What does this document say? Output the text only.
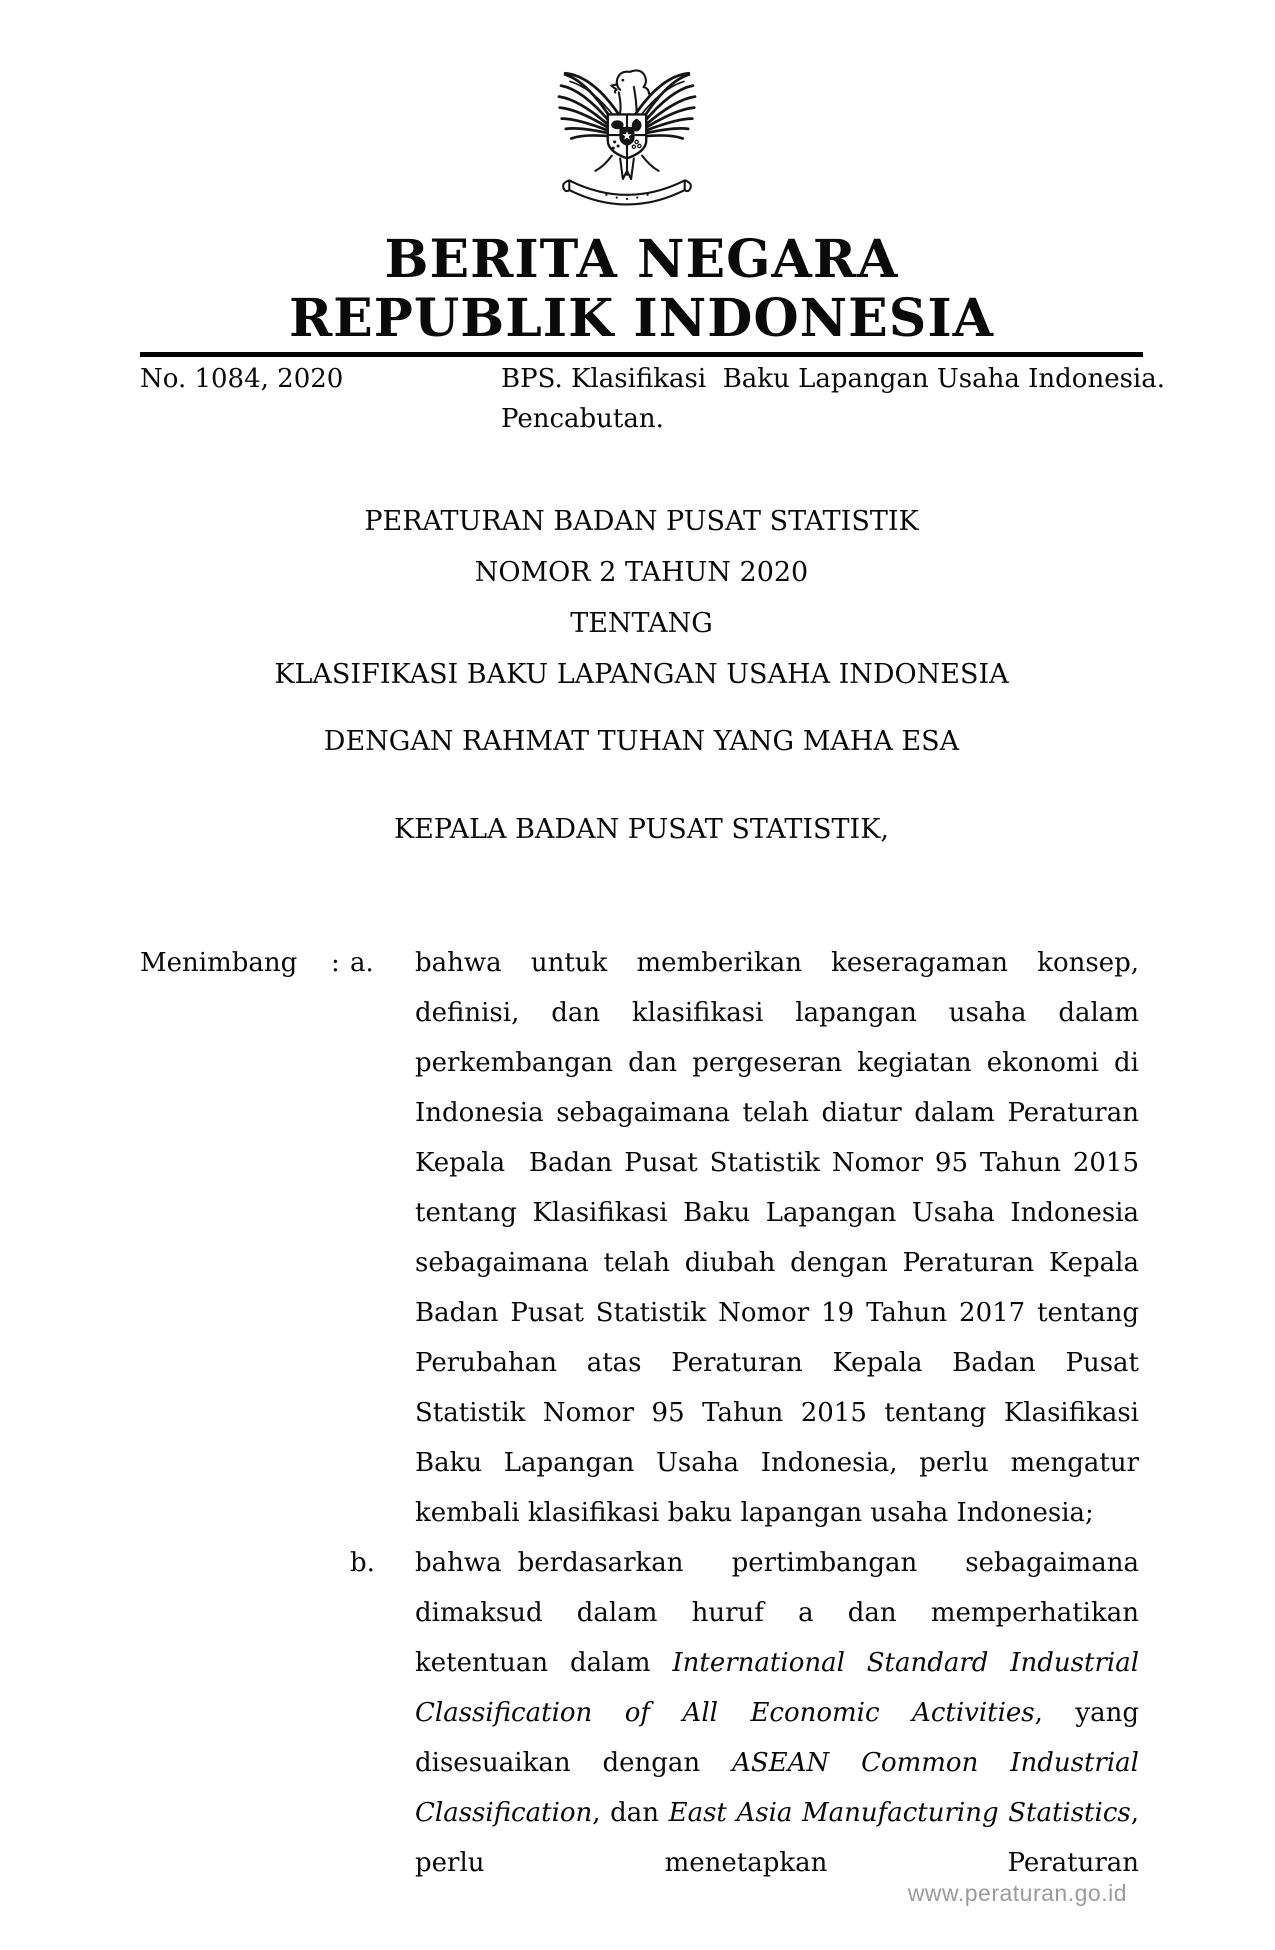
BERITA NEGARA
REPUBLIK INDONESIA
No. 1084, 2020	BPS. Klasifikasi  Baku Lapangan Usaha Indonesia.
Pencabutan.
PERATURAN BADAN PUSAT STATISTIK
NOMOR 2 TAHUN 2020
TENTANG
KLASIFIKASI BAKU LAPANGAN USAHA INDONESIA
DENGAN RAHMAT TUHAN YANG MAHA ESA
KEPALA BADAN PUSAT STATISTIK,
Menimbang	: a.	bahwa untuk memberikan keseragaman konsep, definisi, dan klasifikasi lapangan usaha dalam perkembangan dan pergeseran kegiatan ekonomi di Indonesia sebagaimana telah diatur dalam Peraturan Kepala  Badan Pusat Statistik Nomor 95 Tahun 2015 tentang Klasifikasi Baku Lapangan Usaha Indonesia sebagaimana telah diubah dengan Peraturan Kepala Badan Pusat Statistik Nomor 19 Tahun 2017 tentang Perubahan atas Peraturan Kepala Badan Pusat Statistik Nomor 95 Tahun 2015 tentang Klasifikasi Baku Lapangan Usaha Indonesia, perlu mengatur kembali klasifikasi baku lapangan usaha Indonesia;
b.	bahwa berdasarkan   pertimbangan   sebagaimana dimaksud dalam huruf a dan memperhatikan ketentuan dalam International Standard Industrial Classification of All Economic Activities, yang disesuaikan dengan ASEAN Common Industrial Classification, dan East Asia Manufacturing Statistics, perlu menetapkan Peraturan
www.peraturan.go.id
